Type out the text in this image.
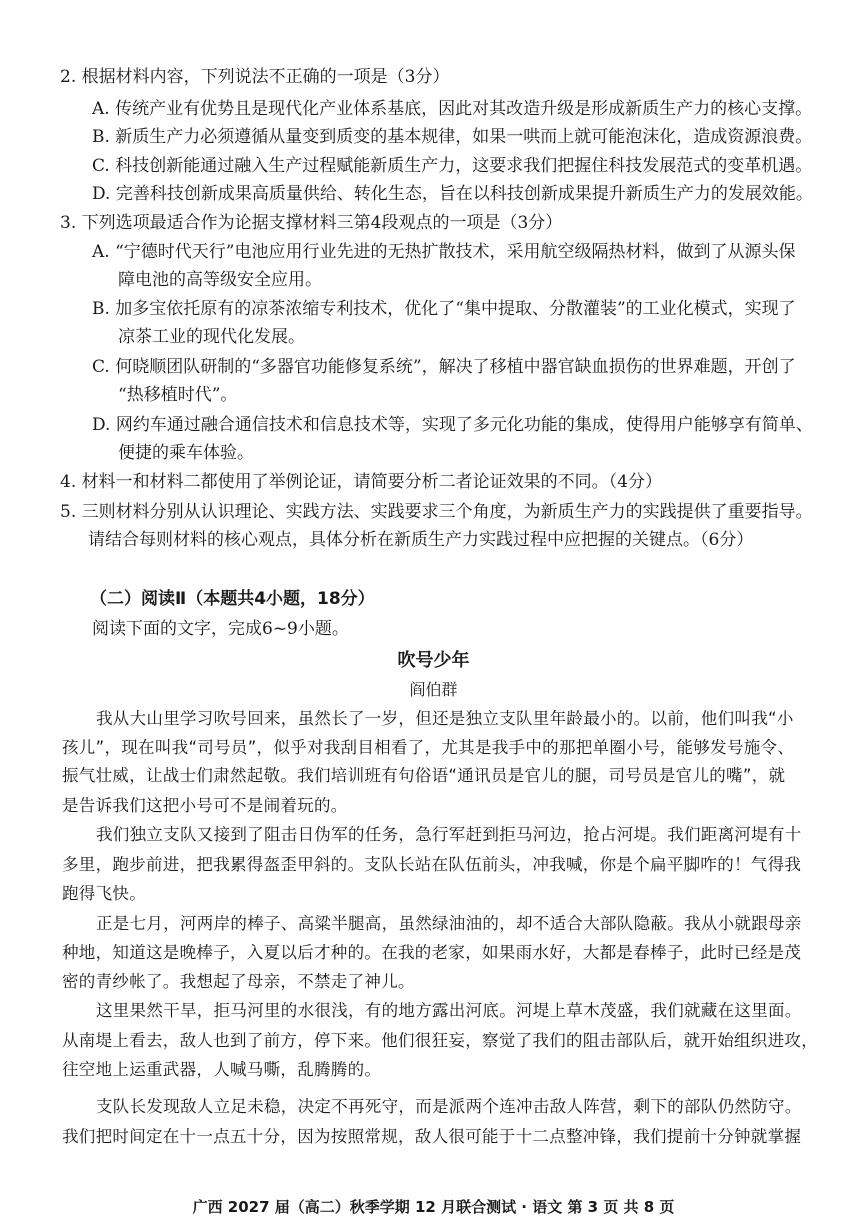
2. 根据材料内容，下列说法不正确的一项是（3分）
A. 传统产业有优势且是现代化产业体系基底，因此对其改造升级是形成新质生产力的核心支撑。
B. 新质生产力必须遵循从量变到质变的基本规律，如果一哄而上就可能泡沫化，造成资源浪费。
C. 科技创新能通过融入生产过程赋能新质生产力，这要求我们把握住科技发展范式的变革机遇。
D. 完善科技创新成果高质量供给、转化生态，旨在以科技创新成果提升新质生产力的发展效能。
3. 下列选项最适合作为论据支撑材料三第4段观点的一项是（3分）
A. “宁德时代天行”电池应用行业先进的无热扩散技术，采用航空级隔热材料，做到了从源头保
障电池的高等级安全应用。
B. 加多宝依托原有的凉茶浓缩专利技术，优化了“集中提取、分散灌装”的工业化模式，实现了
凉茶工业的现代化发展。
C. 何晓顺团队研制的“多器官功能修复系统”，解决了移植中器官缺血损伤的世界难题，开创了
“热移植时代”。
D. 网约车通过融合通信技术和信息技术等，实现了多元化功能的集成，使得用户能够享有简单、
便捷的乘车体验。
4. 材料一和材料二都使用了举例论证，请简要分析二者论证效果的不同。（4分）
5. 三则材料分别从认识理论、实践方法、实践要求三个角度，为新质生产力的实践提供了重要指导。
请结合每则材料的核心观点，具体分析在新质生产力实践过程中应把握的关键点。（6分）
（二）阅读Ⅱ（本题共4小题，18分）
阅读下面的文字，完成6~9小题。
吹号少年
阎伯群
我从大山里学习吹号回来，虽然长了一岁，但还是独立支队里年龄最小的。以前，他们叫我“小
孩儿”，现在叫我“司号员”，似乎对我刮目相看了，尤其是我手中的那把单圈小号，能够发号施令、
振气壮威，让战士们肃然起敬。我们培训班有句俗语“通讯员是官儿的腿，司号员是官儿的嘴”，就
是告诉我们这把小号可不是闹着玩的。
我们独立支队又接到了阻击日伪军的任务，急行军赶到拒马河边，抢占河堤。我们距离河堤有十
多里，跑步前进，把我累得盔歪甲斜的。支队长站在队伍前头，冲我喊，你是个扁平脚咋的！气得我
跑得飞快。
正是七月，河两岸的棒子、高粱半腿高，虽然绿油油的，却不适合大部队隐蔽。我从小就跟母亲
种地，知道这是晚棒子，入夏以后才种的。在我的老家，如果雨水好，大都是春棒子，此时已经是茂
密的青纱帐了。我想起了母亲，不禁走了神儿。
这里果然干旱，拒马河里的水很浅，有的地方露出河底。河堤上草木茂盛，我们就藏在这里面。
从南堤上看去，敌人也到了前方，停下来。他们很狂妄，察觉了我们的阻击部队后，就开始组织进攻，
往空地上运重武器，人喊马嘶，乱腾腾的。
支队长发现敌人立足未稳，决定不再死守，而是派两个连冲击敌人阵营，剩下的部队仍然防守。
我们把时间定在十一点五十分，因为按照常规，敌人很可能于十二点整冲锋，我们提前十分钟就掌握
广西 2027 届（高二）秋季学期 12 月联合测试 · 语文 第 3 页 共 8 页
